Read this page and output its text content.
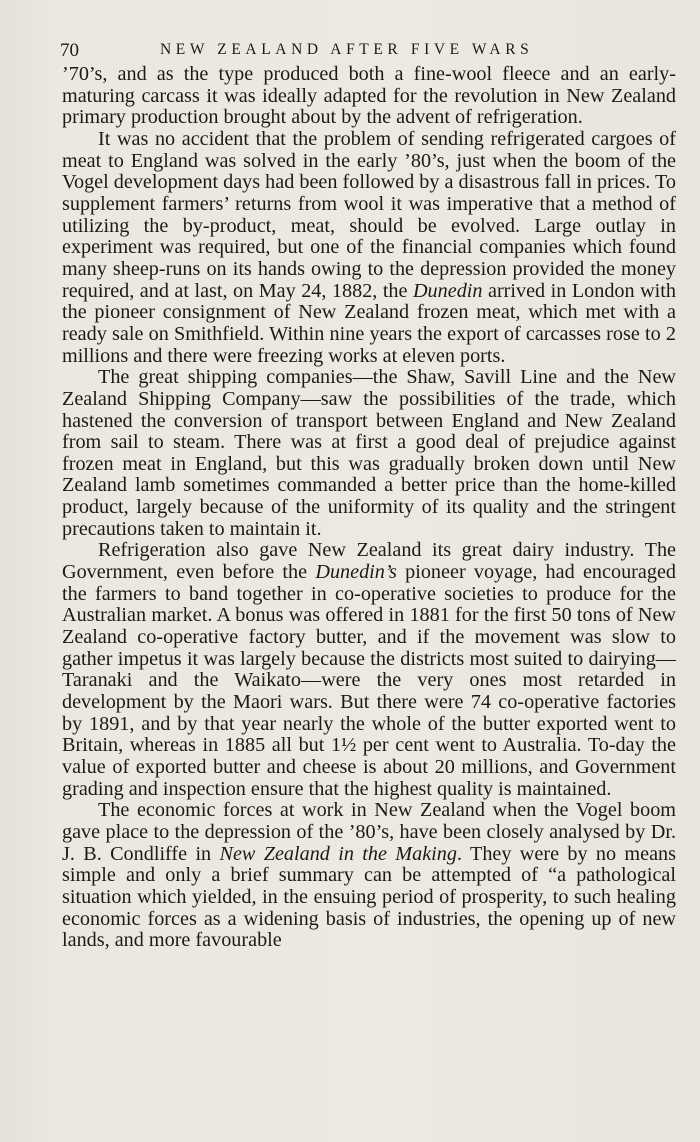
70	NEW ZEALAND AFTER FIVE WARS

’70’s, and as the type produced both a fine-wool fleece and an early-maturing carcass it was ideally adapted for the revolution in New Zealand primary production brought about by the advent of refrigeration.

It was no accident that the problem of sending refrigerated cargoes of meat to England was solved in the early ’80’s, just when the boom of the Vogel development days had been followed by a disastrous fall in prices. To supplement farmers’ returns from wool it was imperative that a method of utilizing the by-product, meat, should be evolved. Large outlay in experiment was required, but one of the financial companies which found many sheep-runs on its hands owing to the depression provided the money required, and at last, on May 24, 1882, the Dunedin arrived in London with the pioneer consignment of New Zealand frozen meat, which met with a ready sale on Smithfield. Within nine years the export of carcasses rose to 2 millions and there were freezing works at eleven ports.

The great shipping companies—the Shaw, Savill Line and the New Zealand Shipping Company—saw the possibilities of the trade, which hastened the conversion of transport between England and New Zealand from sail to steam. There was at first a good deal of prejudice against frozen meat in England, but this was gradually broken down until New Zealand lamb sometimes commanded a better price than the home-killed product, largely because of the uniformity of its quality and the stringent precautions taken to maintain it.

Refrigeration also gave New Zealand its great dairy industry. The Government, even before the Dunedin’s pioneer voyage, had encouraged the farmers to band together in co-operative societies to produce for the Australian market. A bonus was offered in 1881 for the first 50 tons of New Zealand co-operative factory butter, and if the movement was slow to gather impetus it was largely because the districts most suited to dairying—Taranaki and the Waikato—were the very ones most retarded in development by the Maori wars. But there were 74 co-operative factories by 1891, and by that year nearly the whole of the butter exported went to Britain, whereas in 1885 all but 1½ per cent went to Australia. To-day the value of exported butter and cheese is about 20 millions, and Government grading and inspection ensure that the highest quality is maintained.

The economic forces at work in New Zealand when the Vogel boom gave place to the depression of the ’80’s, have been closely analysed by Dr. J. B. Condliffe in New Zealand in the Making. They were by no means simple and only a brief summary can be attempted of “a pathological situation which yielded, in the ensuing period of prosperity, to such healing economic forces as a widening basis of industries, the opening up of new lands, and more favourable
